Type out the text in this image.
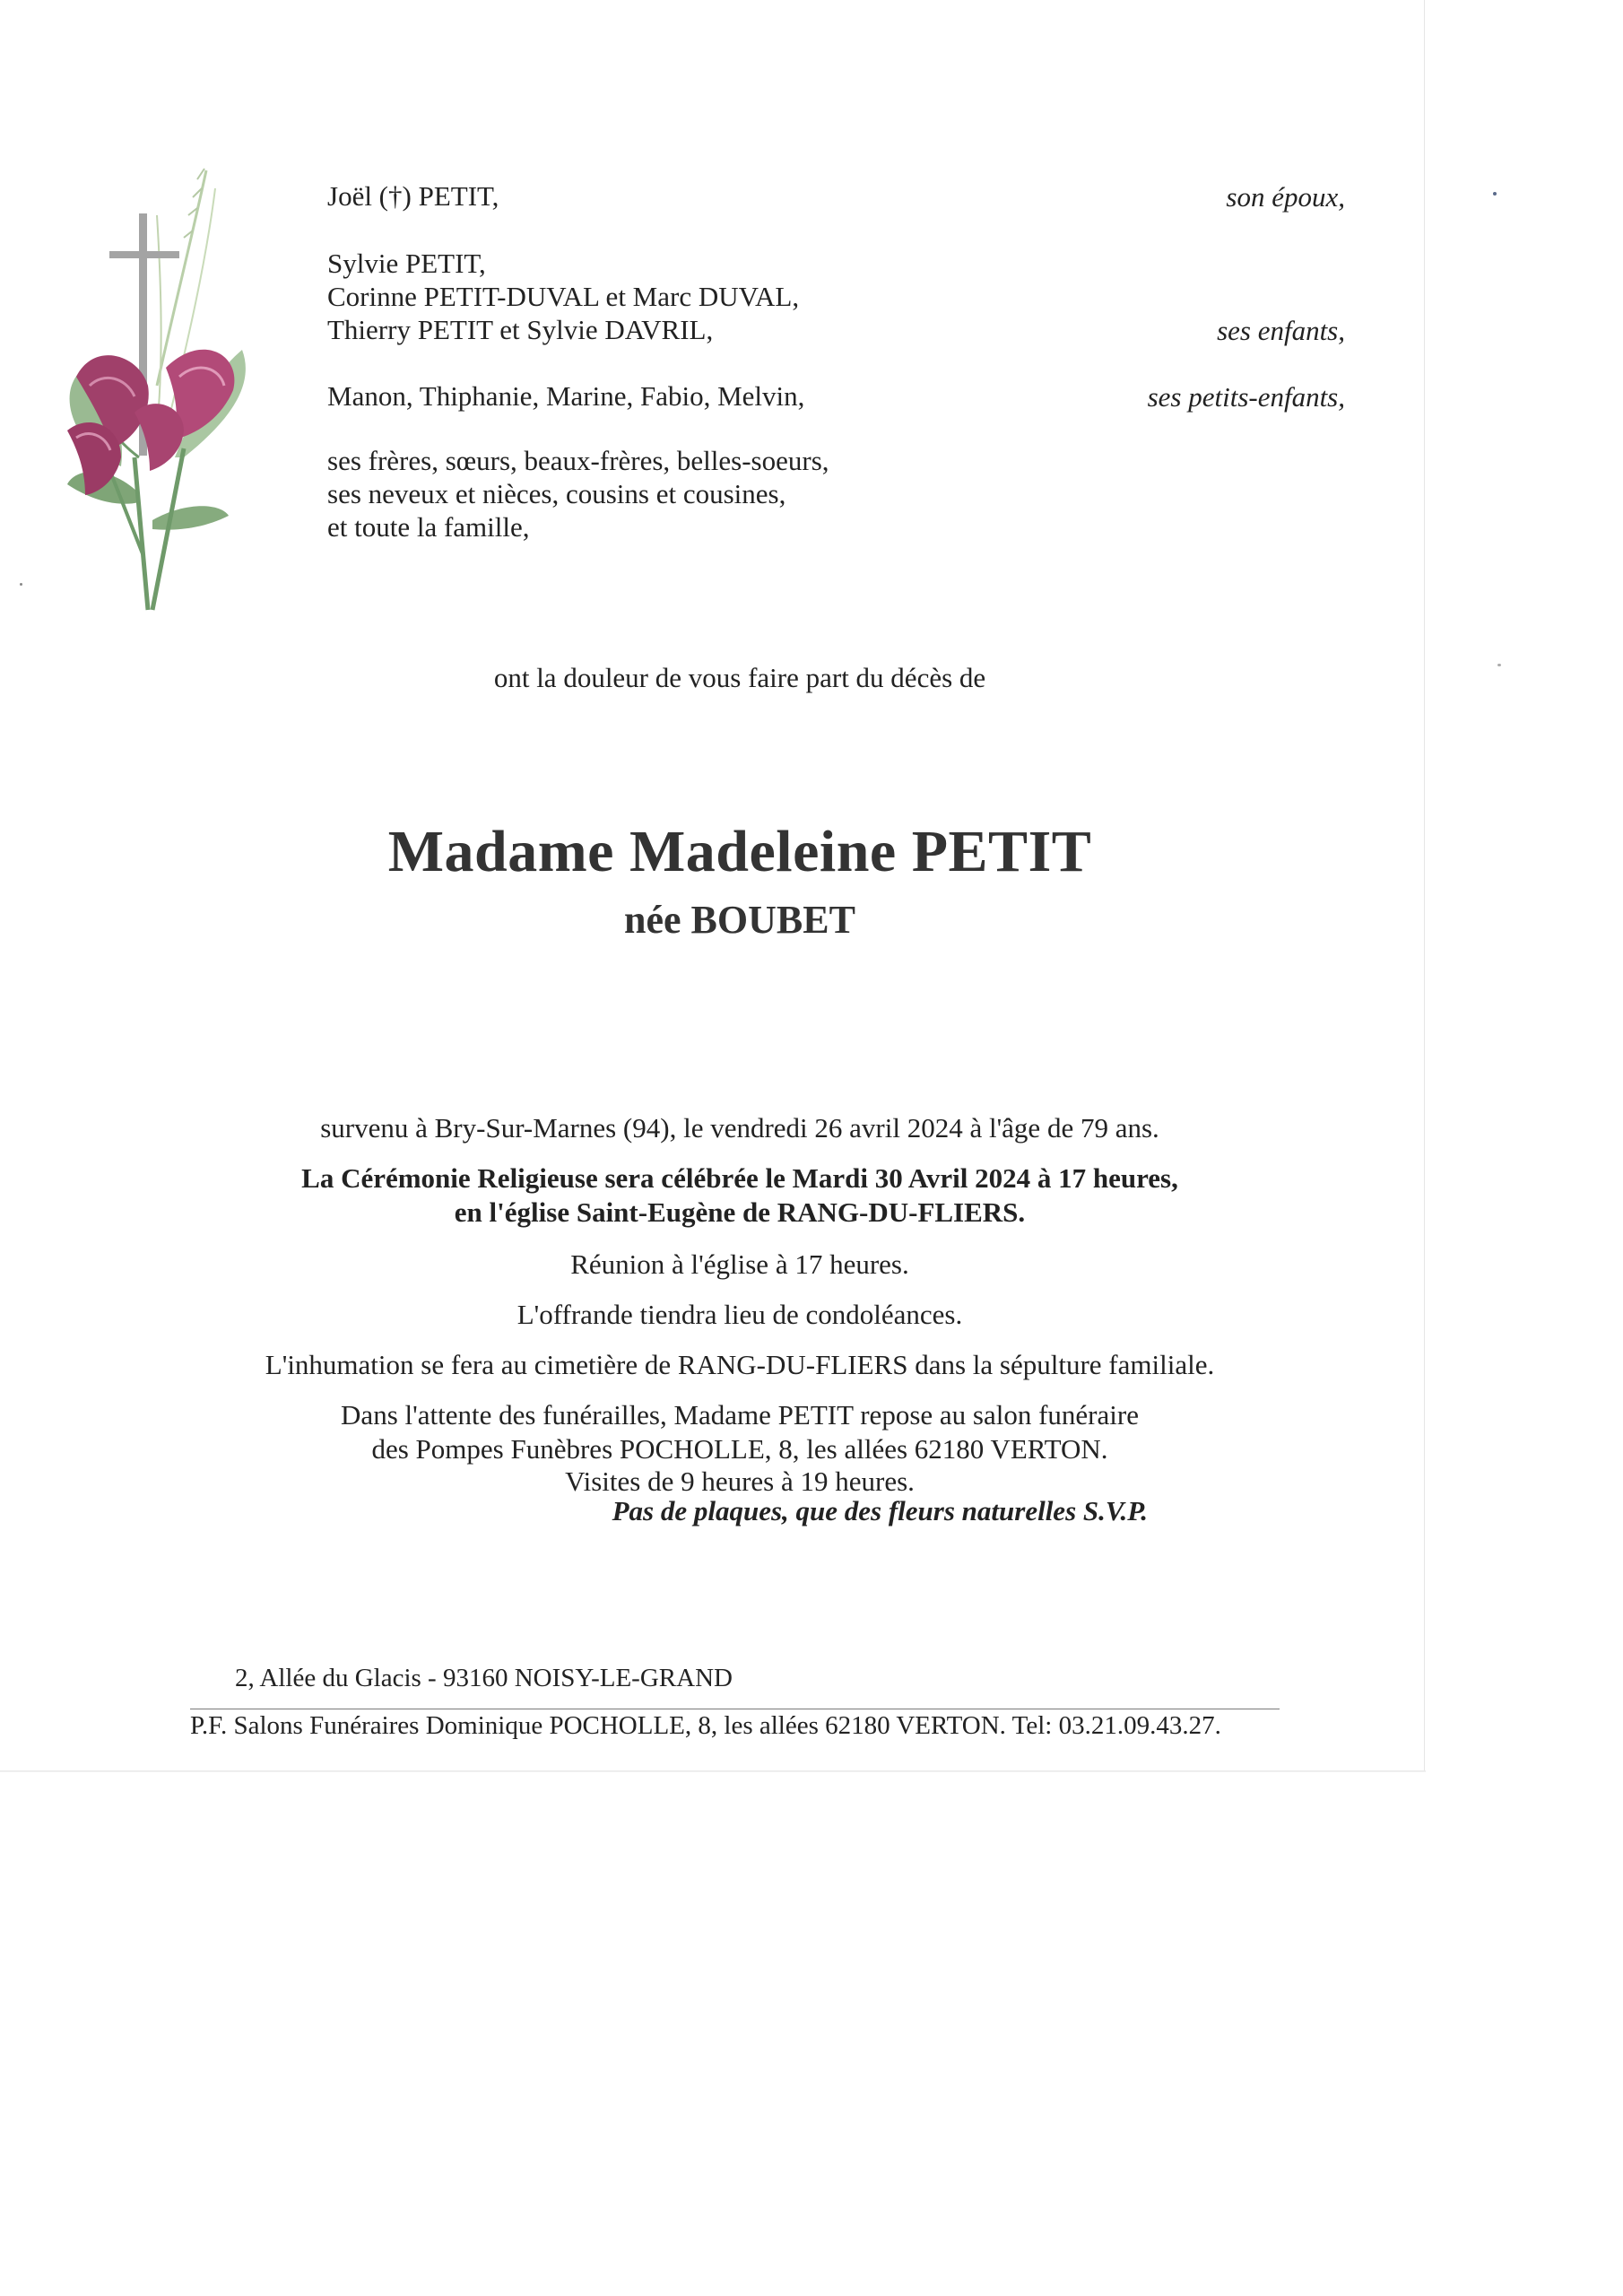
Joël (†) PETIT,	son époux,
Sylvie PETIT,
Corinne PETIT-DUVAL et Marc DUVAL,
Thierry PETIT et Sylvie DAVRIL,	ses enfants,
Manon, Thiphanie, Marine, Fabio, Melvin,	ses petits-enfants,
ses frères, sœurs, beaux-frères, belles-soeurs,
ses neveux et nièces, cousins et cousines,
et toute la famille,
ont la douleur de vous faire part du décès de
Madame Madeleine PETIT
née BOUBET
survenu à Bry-Sur-Marnes (94), le vendredi 26 avril 2024 à l'âge de 79 ans.
La Cérémonie Religieuse sera célébrée le Mardi 30 Avril 2024 à 17 heures,
en l'église Saint-Eugène de RANG-DU-FLIERS.
Réunion à l'église à 17 heures.
L'offrande tiendra lieu de condoléances.
L'inhumation se fera au cimetière de RANG-DU-FLIERS dans la sépulture familiale.
Dans l'attente des funérailles, Madame PETIT repose au salon funéraire
des Pompes Funèbres POCHOLLE, 8, les allées 62180 VERTON.
Visites de 9 heures à 19 heures.
Pas de plaques, que des fleurs naturelles S.V.P.
2, Allée du Glacis - 93160 NOISY-LE-GRAND
P.F. Salons Funéraires Dominique POCHOLLE, 8, les allées 62180 VERTON. Tel: 03.21.09.43.27.
